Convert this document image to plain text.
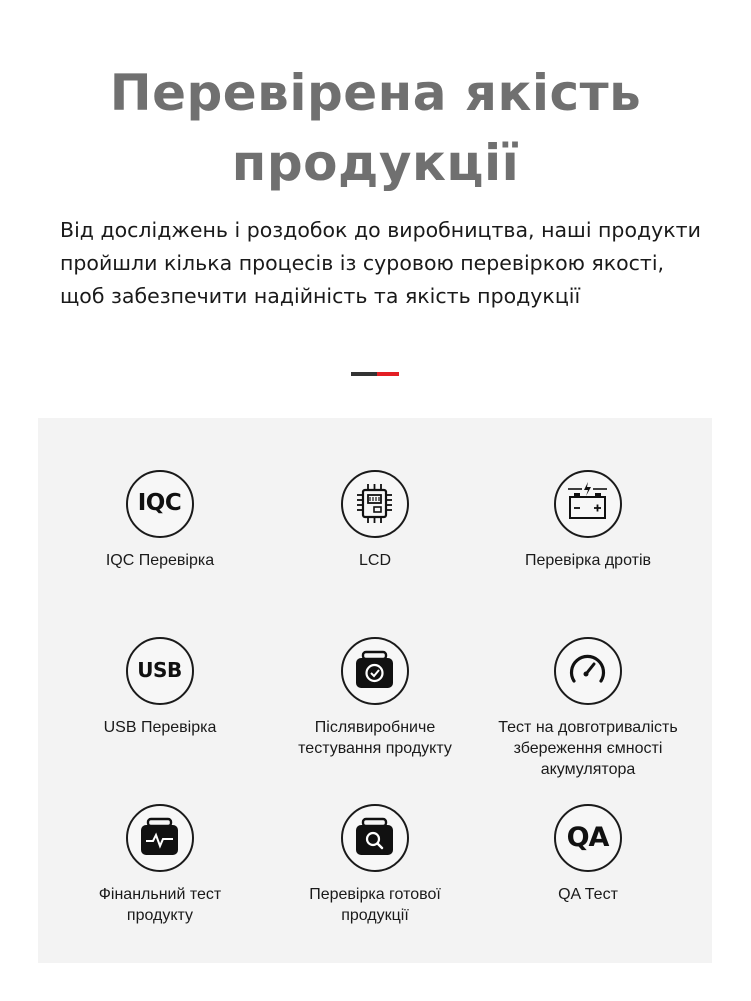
Перевірена якість
продукції
Від досліджень і роздобок до виробництва, наші продукти
пройшли кілька процесів із суровою перевіркою якості,
щоб забезпечити надійність та якість продукції
IQC
IQC Перевірка	LCD	Перевірка дротів
USB
USB Перевірка	Післявиробниче
тестування продукту
Тест на довготривалість
збереження ємності
акумулятора
Фінанльний тест
продукту
Перевірка готової
продукції
QA
QA Тест
